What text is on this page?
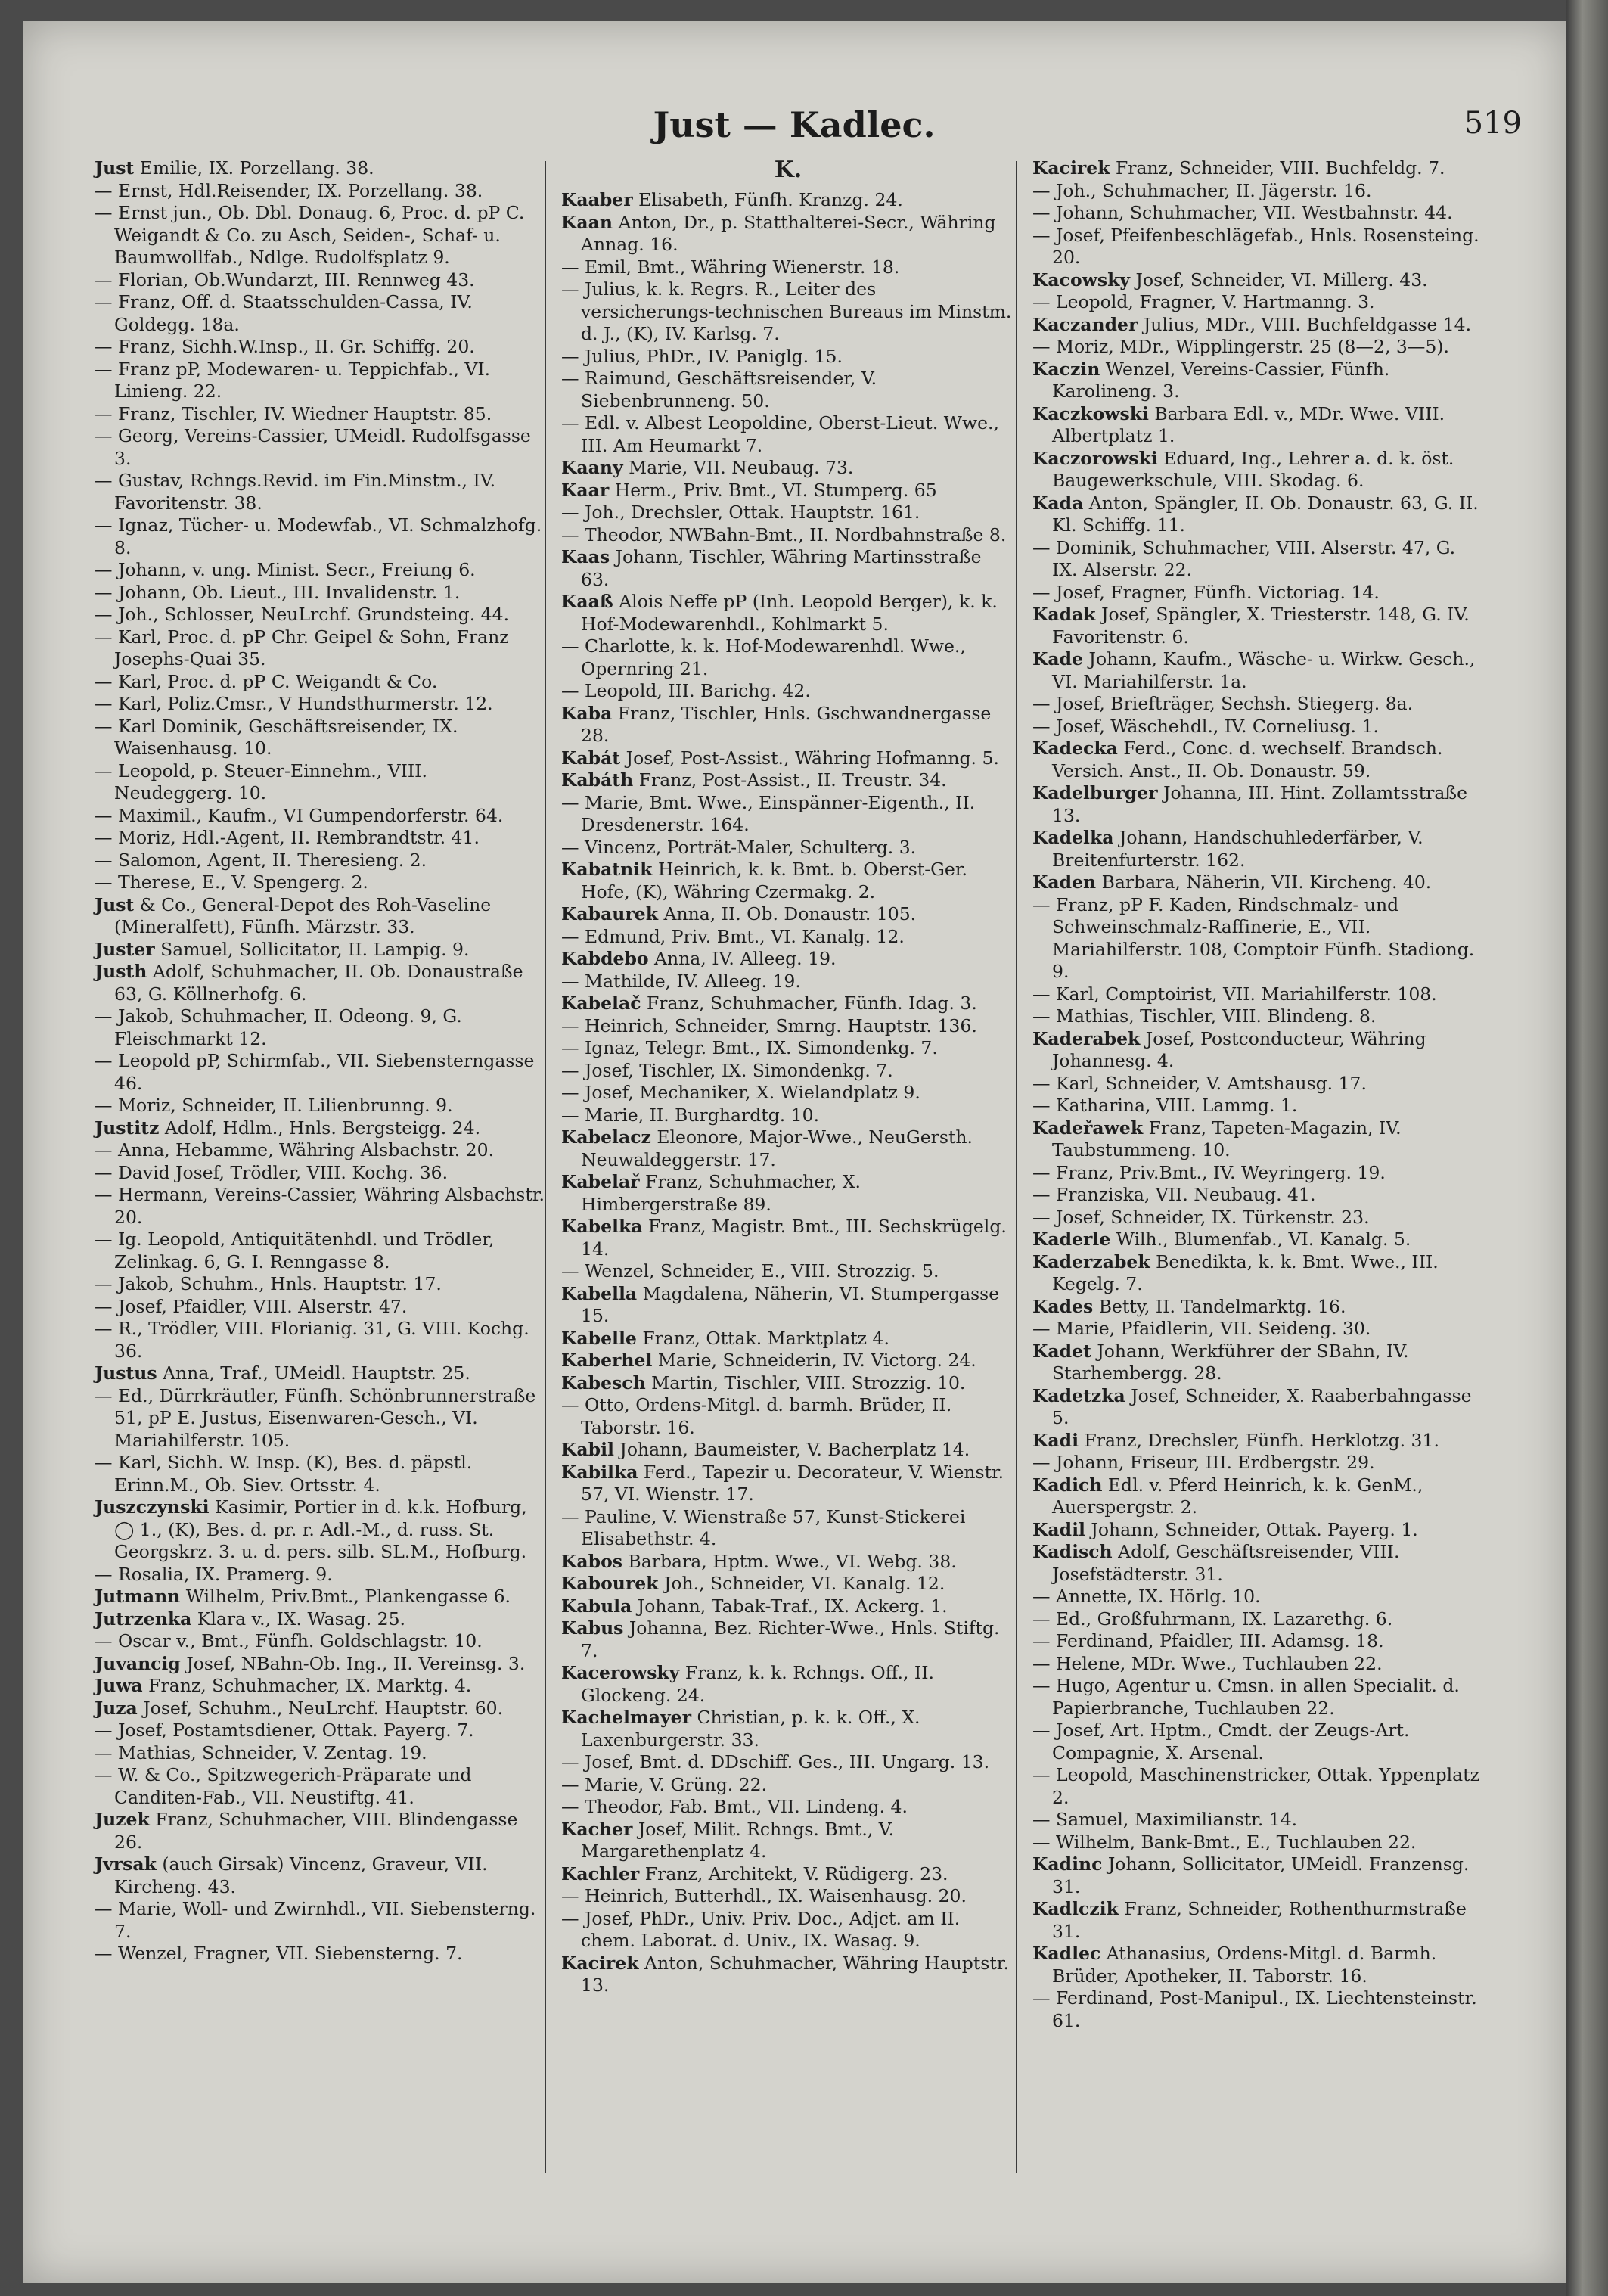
Just — Kadlec.	519

Just Emilie, IX. Porzellang. 38.

— Ernst, Hdl.Reisender, IX. Porzellang. 38.

— Ernst jun., Ob. Dbl. Donaug. 6, Proc. d. pP C. Weigandt & Co. zu Asch, Seiden-, Schaf- u. Baumwollfab., Ndlge. Rudolfsplatz 9.

— Florian, Ob.Wundarzt, III. Rennweg 43.

— Franz, Off. d. Staatsschulden-Cassa, IV. Goldegg. 18a.

— Franz, Sichh.W.Insp., II. Gr. Schiffg. 20.

— Franz pP, Modewaren- u. Teppichfab., VI. Linieng. 22.

— Franz, Tischler, IV. Wiedner Hauptstr. 85.

— Georg, Vereins-Cassier, UMeidl. Rudolfsgasse 3.

— Gustav, Rchngs.Revid. im Fin.Minstm., IV. Favoritenstr. 38.

— Ignaz, Tücher- u. Modewfab., VI. Schmalzhofg. 8.

— Johann, v. ung. Minist. Secr., Freiung 6.

— Johann, Ob. Lieut., III. Invalidenstr. 1.

— Joh., Schlosser, NeuLrchf. Grundsteing. 44.

— Karl, Proc. d. pP Chr. Geipel & Sohn, Franz Josephs-Quai 35.

— Karl, Proc. d. pP C. Weigandt & Co.

— Karl, Poliz.Cmsr., V Hundsthurmerstr. 12.

— Karl Dominik, Geschäftsreisender, IX. Waisenhausg. 10.

— Leopold, p. Steuer-Einnehm., VIII. Neudeggerg. 10.

— Maximil., Kaufm., VI Gumpendorferstr. 64.

— Moriz, Hdl.-Agent, II. Rembrandtstr. 41.

— Salomon, Agent, II. Theresieng. 2.

— Therese, E., V. Spengerg. 2.

Just & Co., General-Depot des Roh-Vaseline (Mineralfett), Fünfh. Märzstr. 33.

Juster Samuel, Sollicitator, II. Lampig. 9.

Justh Adolf, Schuhmacher, II. Ob. Donaustraße 63, G. Köllnerhofg. 6.

— Jakob, Schuhmacher, II. Odeong. 9, G. Fleischmarkt 12.

— Leopold pP, Schirmfab., VII. Siebensterngasse 46.

— Moriz, Schneider, II. Lilienbrunng. 9.

Justitz Adolf, Hdlm., Hnls. Bergsteigg. 24.

— Anna, Hebamme, Währing Alsbachstr. 20.

— David Josef, Trödler, VIII. Kochg. 36.

— Hermann, Vereins-Cassier, Währing Alsbachstr. 20.

— Ig. Leopold, Antiquitätenhdl. und Trödler, Zelinkag. 6, G. I. Renngasse 8.

— Jakob, Schuhm., Hnls. Hauptstr. 17.

— Josef, Pfaidler, VIII. Alserstr. 47.

— R., Trödler, VIII. Florianig. 31, G. VIII. Kochg. 36.

Justus Anna, Traf., UMeidl. Hauptstr. 25.

— Ed., Dürrkräutler, Fünfh. Schönbrunnerstraße 51, pP E. Justus, Eisenwaren-Gesch., VI. Mariahilferstr. 105.

— Karl, Sichh. W. Insp. (K), Bes. d. päpstl. Erinn.M., Ob. Siev. Ortsstr. 4.

Juszczynski Kasimir, Portier in d. k.k. Hofburg, ◯ 1., (K), Bes. d. pr. r. Adl.-M., d. russ. St. Georgskrz. 3. u. d. pers. silb. SL.M., Hofburg.

— Rosalia, IX. Pramerg. 9.

Jutmann Wilhelm, Priv.Bmt., Plankengasse 6.

Jutrzenka Klara v., IX. Wasag. 25.

— Oscar v., Bmt., Fünfh. Goldschlagstr. 10.

Juvancig Josef, NBahn-Ob. Ing., II. Vereinsg. 3.

Juwa Franz, Schuhmacher, IX. Marktg. 4.

Juza Josef, Schuhm., NeuLrchf. Hauptstr. 60.

— Josef, Postamtsdiener, Ottak. Payerg. 7.

— Mathias, Schneider, V. Zentag. 19.

— W. & Co., Spitzwegerich-Präparate und Canditen-Fab., VII. Neustiftg. 41.

Juzek Franz, Schuhmacher, VIII. Blindengasse 26.

Jvrsak (auch Girsak) Vincenz, Graveur, VII. Kircheng. 43.

— Marie, Woll- und Zwirnhdl., VII. Siebensterng. 7.

— Wenzel, Fragner, VII. Siebensterng. 7.

K.

Kaaber Elisabeth, Fünfh. Kranzg. 24.

Kaan Anton, Dr., p. Statthalterei-Secr., Währing Annag. 16.

— Emil, Bmt., Währing Wienerstr. 18.

— Julius, k. k. Regrs. R., Leiter des versicherungs-technischen Bureaus im Minstm. d. J., (K), IV. Karlsg. 7.

— Julius, PhDr., IV. Paniglg. 15.

— Raimund, Geschäftsreisender, V. Siebenbrunneng. 50.

— Edl. v. Albest Leopoldine, Oberst-Lieut. Wwe., III. Am Heumarkt 7.

Kaany Marie, VII. Neubaug. 73.

Kaar Herm., Priv. Bmt., VI. Stumperg. 65

— Joh., Drechsler, Ottak. Hauptstr. 161.

— Theodor, NWBahn-Bmt., II. Nordbahnstraße 8.

Kaas Johann, Tischler, Währing Martinsstraße 63.

Kaaß Alois Neffe pP (Inh. Leopold Berger), k. k. Hof-Modewarenhdl., Kohlmarkt 5.

— Charlotte, k. k. Hof-Modewarenhdl. Wwe., Opernring 21.

— Leopold, III. Barichg. 42.

Kaba Franz, Tischler, Hnls. Gschwandnergasse 28.

Kabát Josef, Post-Assist., Währing Hofmanng. 5.

Kabáth Franz, Post-Assist., II. Treustr. 34.

— Marie, Bmt. Wwe., Einspänner-Eigenth., II. Dresdenerstr. 164.

— Vincenz, Porträt-Maler, Schulterg. 3.

Kabatnik Heinrich, k. k. Bmt. b. Oberst-Ger. Hofe, (K), Währing Czermakg. 2.

Kabaurek Anna, II. Ob. Donaustr. 105.

— Edmund, Priv. Bmt., VI. Kanalg. 12.

Kabdebo Anna, IV. Alleeg. 19.

— Mathilde, IV. Alleeg. 19.

Kabelač Franz, Schuhmacher, Fünfh. Idag. 3.

— Heinrich, Schneider, Smrng. Hauptstr. 136.

— Ignaz, Telegr. Bmt., IX. Simondenkg. 7.

— Josef, Tischler, IX. Simondenkg. 7.

— Josef, Mechaniker, X. Wielandplatz 9.

— Marie, II. Burghardtg. 10.

Kabelacz Eleonore, Major-Wwe., NeuGersth. Neuwaldeggerstr. 17.

Kabelař Franz, Schuhmacher, X. Himbergerstraße 89.

Kabelka Franz, Magistr. Bmt., III. Sechskrügelg. 14.

— Wenzel, Schneider, E., VIII. Strozzig. 5.

Kabella Magdalena, Näherin, VI. Stumpergasse 15.

Kabelle Franz, Ottak. Marktplatz 4.

Kaberhel Marie, Schneiderin, IV. Victorg. 24.

Kabesch Martin, Tischler, VIII. Strozzig. 10.

— Otto, Ordens-Mitgl. d. barmh. Brüder, II. Taborstr. 16.

Kabil Johann, Baumeister, V. Bacherplatz 14.

Kabilka Ferd., Tapezir u. Decorateur, V. Wienstr. 57, VI. Wienstr. 17.

— Pauline, V. Wienstraße 57, Kunst-Stickerei Elisabethstr. 4.

Kabos Barbara, Hptm. Wwe., VI. Webg. 38.

Kabourek Joh., Schneider, VI. Kanalg. 12.

Kabula Johann, Tabak-Traf., IX. Ackerg. 1.

Kabus Johanna, Bez. Richter-Wwe., Hnls. Stiftg. 7.

Kacerowsky Franz, k. k. Rchngs. Off., II. Glockeng. 24.

Kachelmayer Christian, p. k. k. Off., X. Laxenburgerstr. 33.

— Josef, Bmt. d. DDschiff. Ges., III. Ungarg. 13.

— Marie, V. Grüng. 22.

— Theodor, Fab. Bmt., VII. Lindeng. 4.

Kacher Josef, Milit. Rchngs. Bmt., V. Margarethenplatz 4.

Kachler Franz, Architekt, V. Rüdigerg. 23.

— Heinrich, Butterhdl., IX. Waisenhausg. 20.

— Josef, PhDr., Univ. Priv. Doc., Adjct. am II. chem. Laborat. d. Univ., IX. Wasag. 9.

Kacirek Anton, Schuhmacher, Währing Hauptstr. 13.

Kacirek Franz, Schneider, VIII. Buchfeldg. 7.

— Joh., Schuhmacher, II. Jägerstr. 16.

— Johann, Schuhmacher, VII. Westbahnstr. 44.

— Josef, Pfeifenbeschlägefab., Hnls. Rosensteing. 20.

Kacowsky Josef, Schneider, VI. Millerg. 43.

— Leopold, Fragner, V. Hartmanng. 3.

Kaczander Julius, MDr., VIII. Buchfeldgasse 14.

— Moriz, MDr., Wipplingerstr. 25 (8—2, 3—5).

Kaczin Wenzel, Vereins-Cassier, Fünfh. Karolineng. 3.

Kaczkowski Barbara Edl. v., MDr. Wwe. VIII. Albertplatz 1.

Kaczorowski Eduard, Ing., Lehrer a. d. k. öst. Baugewerkschule, VIII. Skodag. 6.

Kada Anton, Spängler, II. Ob. Donaustr. 63, G. II. Kl. Schiffg. 11.

— Dominik, Schuhmacher, VIII. Alserstr. 47, G. IX. Alserstr. 22.

— Josef, Fragner, Fünfh. Victoriag. 14.

Kadak Josef, Spängler, X. Triesterstr. 148, G. IV. Favoritenstr. 6.

Kade Johann, Kaufm., Wäsche- u. Wirkw. Gesch., VI. Mariahilferstr. 1a.

— Josef, Briefträger, Sechsh. Stiegerg. 8a.

— Josef, Wäschehdl., IV. Corneliusg. 1.

Kadecka Ferd., Conc. d. wechself. Brandsch. Versich. Anst., II. Ob. Donaustr. 59.

Kadelburger Johanna, III. Hint. Zollamtsstraße 13.

Kadelka Johann, Handschuhlederfärber, V. Breitenfurterstr. 162.

Kaden Barbara, Näherin, VII. Kircheng. 40.

— Franz, pP F. Kaden, Rindschmalz- und Schweinschmalz-Raffinerie, E., VII. Mariahilferstr. 108, Comptoir Fünfh. Stadiong. 9.

— Karl, Comptoirist, VII. Mariahilferstr. 108.

— Mathias, Tischler, VIII. Blindeng. 8.

Kaderabek Josef, Postconducteur, Währing Johannesg. 4.

— Karl, Schneider, V. Amtshausg. 17.

— Katharina, VIII. Lammg. 1.

Kadeřawek Franz, Tapeten-Magazin, IV. Taubstummeng. 10.

— Franz, Priv.Bmt., IV. Weyringerg. 19.

— Franziska, VII. Neubaug. 41.

— Josef, Schneider, IX. Türkenstr. 23.

Kaderle Wilh., Blumenfab., VI. Kanalg. 5.

Kaderzabek Benedikta, k. k. Bmt. Wwe., III. Kegelg. 7.

Kades Betty, II. Tandelmarktg. 16.

— Marie, Pfaidlerin, VII. Seideng. 30.

Kadet Johann, Werkführer der SBahn, IV. Starhembergg. 28.

Kadetzka Josef, Schneider, X. Raaberbahngasse 5.

Kadi Franz, Drechsler, Fünfh. Herklotzg. 31.

— Johann, Friseur, III. Erdbergstr. 29.

Kadich Edl. v. Pferd Heinrich, k. k. GenM., Auerspergstr. 2.

Kadil Johann, Schneider, Ottak. Payerg. 1.

Kadisch Adolf, Geschäftsreisender, VIII. Josefstädterstr. 31.

— Annette, IX. Hörlg. 10.

— Ed., Großfuhrmann, IX. Lazarethg. 6.

— Ferdinand, Pfaidler, III. Adamsg. 18.

— Helene, MDr. Wwe., Tuchlauben 22.

— Hugo, Agentur u. Cmsn. in allen Specialit. d. Papierbranche, Tuchlauben 22.

— Josef, Art. Hptm., Cmdt. der Zeugs-Art. Compagnie, X. Arsenal.

— Leopold, Maschinenstricker, Ottak. Yppenplatz 2.

— Samuel, Maximilianstr. 14.

— Wilhelm, Bank-Bmt., E., Tuchlauben 22.

Kadinc Johann, Sollicitator, UMeidl. Franzensg. 31.

Kadlczik Franz, Schneider, Rothenthurmstraße 31.

Kadlec Athanasius, Ordens-Mitgl. d. Barmh. Brüder, Apotheker, II. Taborstr. 16.

— Ferdinand, Post-Manipul., IX. Liechtensteinstr. 61.
